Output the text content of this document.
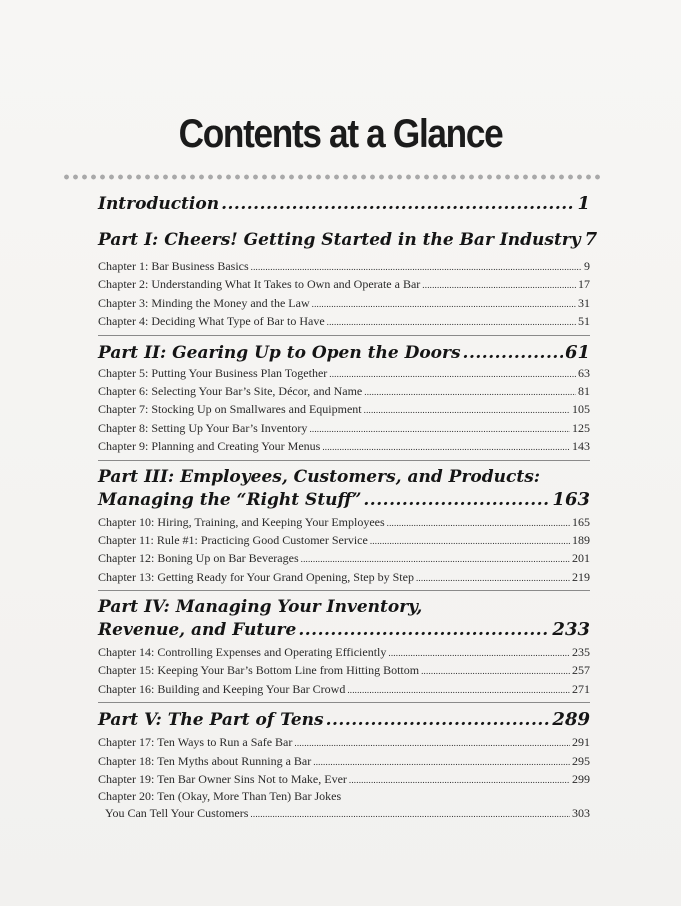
Contents at a Glance
Introduction .....	1
Part I: Cheers! Getting Started in the Bar Industry 7
Chapter 1: Bar Business Basics .....	9
Chapter 2: Understanding What It Takes to Own and Operate a Bar .....	17
Chapter 3: Minding the Money and the Law .....	31
Chapter 4: Deciding What Type of Bar to Have .....	51
Part II: Gearing Up to Open the Doors .....	61
Chapter 5: Putting Your Business Plan Together .....	63
Chapter 6: Selecting Your Bar’s Site, Décor, and Name .....	81
Chapter 7: Stocking Up on Smallwares and Equipment .....	105
Chapter 8: Setting Up Your Bar’s Inventory .....	125
Chapter 9: Planning and Creating Your Menus .....	143
Part III: Employees, Customers, and Products:
Managing the “Right Stuff” .....	163
Chapter 10: Hiring, Training, and Keeping Your Employees .....	165
Chapter 11: Rule #1: Practicing Good Customer Service .....	189
Chapter 12: Boning Up on Bar Beverages .....	201
Chapter 13: Getting Ready for Your Grand Opening, Step by Step .....	219
Part IV: Managing Your Inventory,
Revenue, and Future .....	233
Chapter 14: Controlling Expenses and Operating Efficiently .....	235
Chapter 15: Keeping Your Bar’s Bottom Line from Hitting Bottom .....	257
Chapter 16: Building and Keeping Your Bar Crowd .....	271
Part V: The Part of Tens .....	289
Chapter 17: Ten Ways to Run a Safe Bar .....	291
Chapter 18: Ten Myths about Running a Bar .....	295
Chapter 19: Ten Bar Owner Sins Not to Make, Ever .....	299
Chapter 20: Ten (Okay, More Than Ten) Bar Jokes
You Can Tell Your Customers .....	303
